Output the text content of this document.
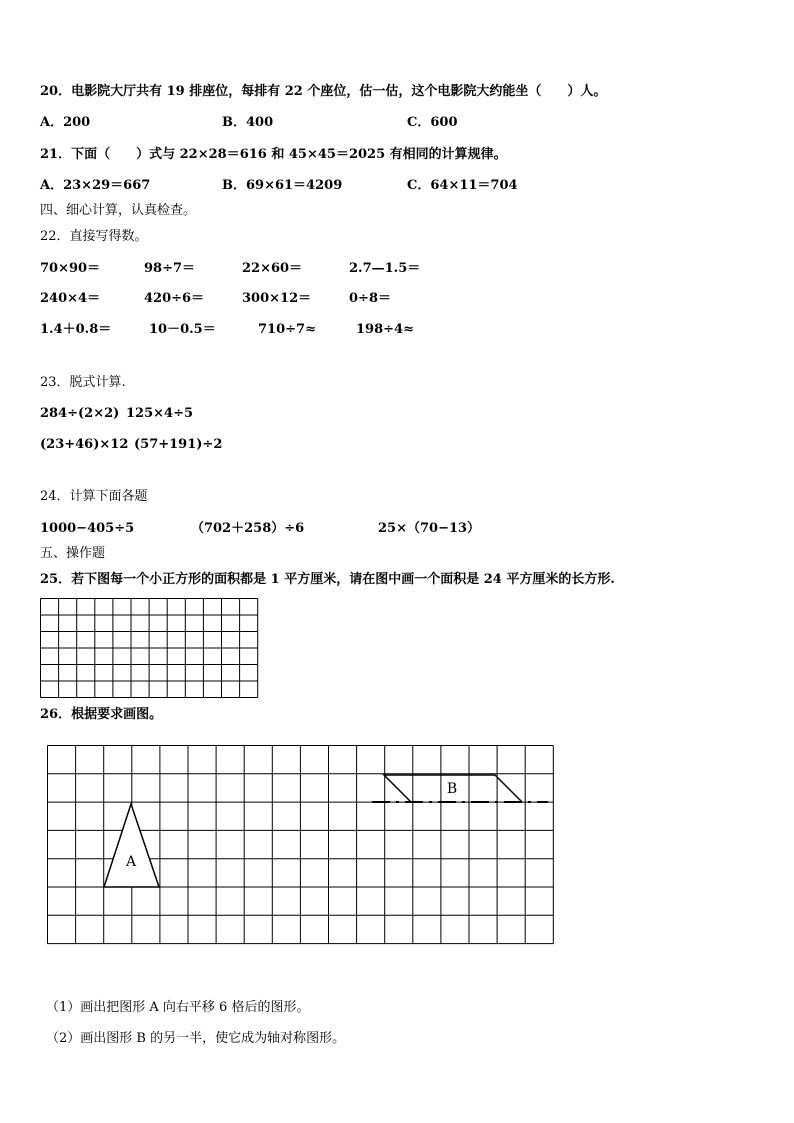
20．电影院大厅共有 19 排座位，每排有 22 个座位，估一估，这个电影院大约能坐（　　）人。
A．200	B．400	C．600
21．下面（　　）式与 22×28＝616 和 45×45＝2025 有相同的计算规律。
A．23×29＝667	B．69×61＝4209	C．64×11＝704
四、细心计算，认真检查。
22．直接写得数。
70×90＝	98÷7＝	22×60＝	2.7—1.5＝
240×4＝	420÷6＝	300×12＝	0÷8＝
1.4＋0.8＝	10－0.5＝	710÷7≈	198÷4≈
23．脱式计算.
284÷(2×2) 125×4÷5
(23+46)×12 (57+191)÷2
24．计算下面各题
1000−405÷5	（702＋258）÷6	25×（70−13）
五、操作题
25．若下图每一个小正方形的面积都是 1 平方厘米，请在图中画一个面积是 24 平方厘米的长方形.
26．根据要求画图。
A
B
（1）画出把图形 A 向右平移 6 格后的图形。
（2）画出图形 B 的另一半，使它成为轴对称图形。
